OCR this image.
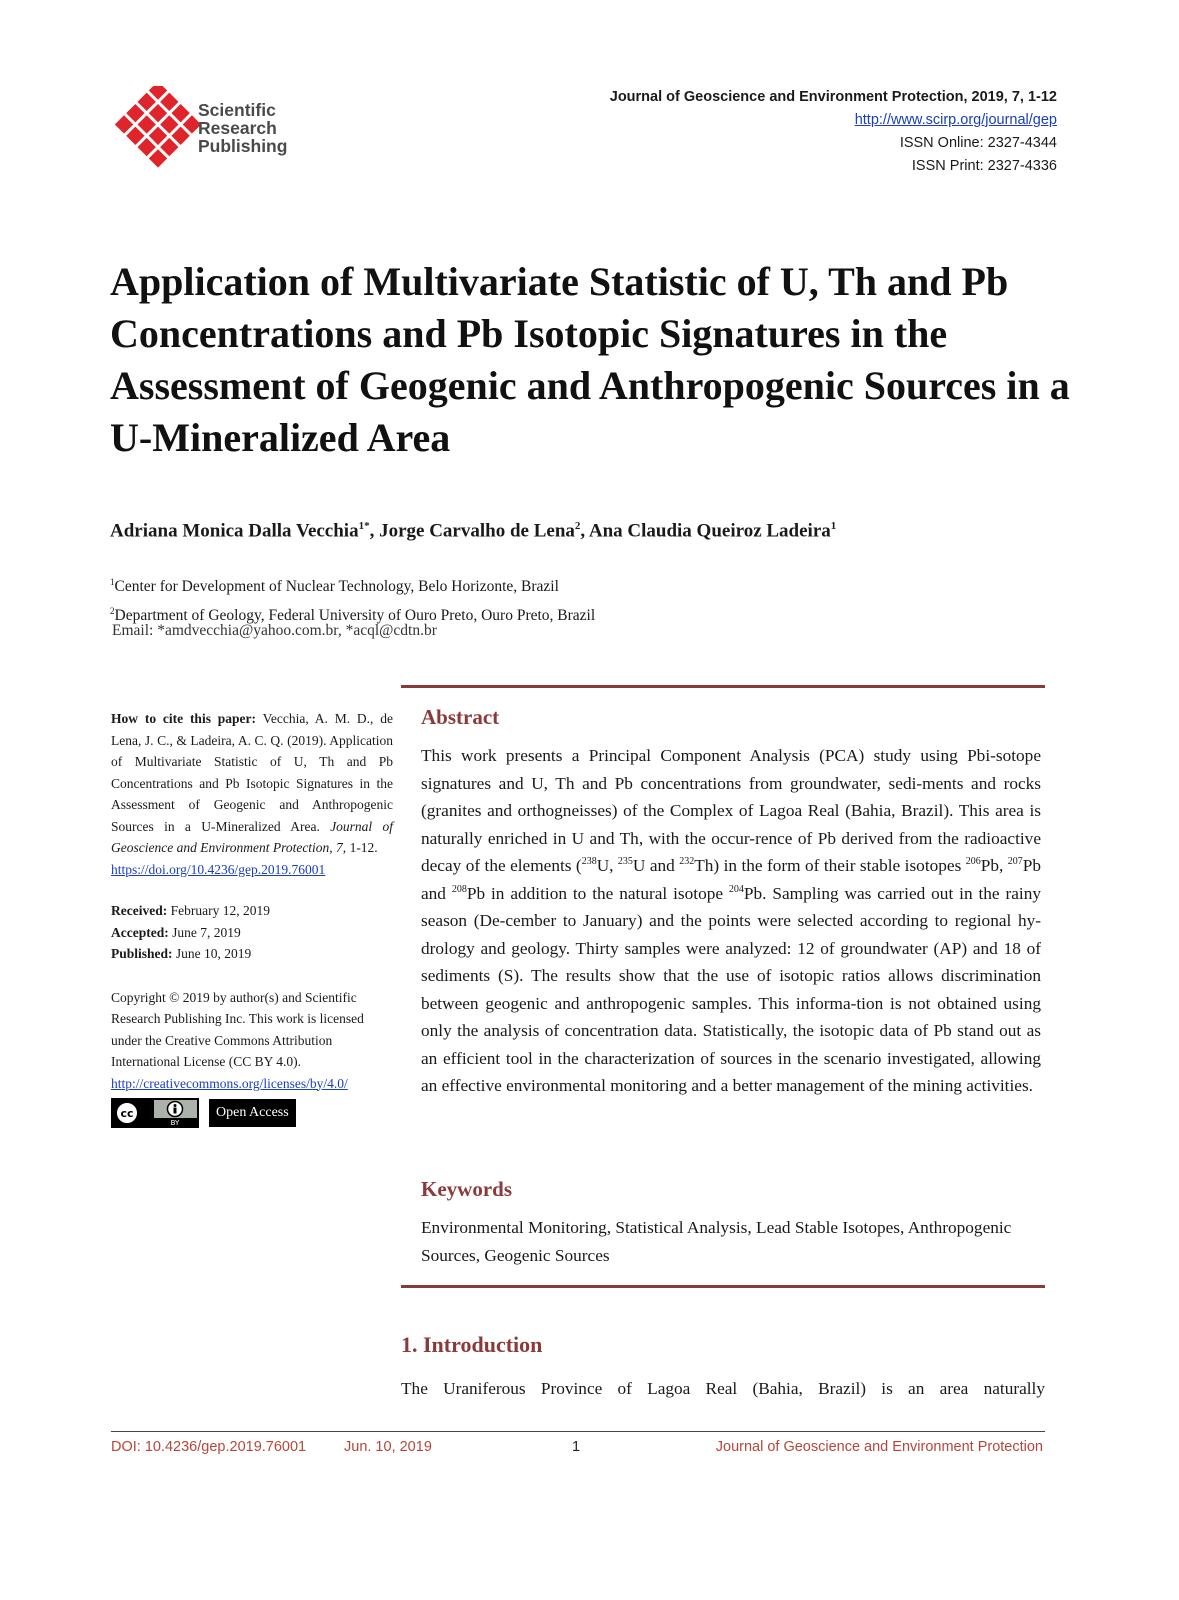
Scientific
Research
Publishing
Journal of Geoscience and Environment Protection, 2019, 7, 1-12
http://www.scirp.org/journal/gep
ISSN Online: 2327-4344
ISSN Print: 2327-4336
Application of Multivariate Statistic of U, Th and Pb Concentrations and Pb Isotopic Signatures in the Assessment of Geogenic and Anthropogenic Sources in a U-Mineralized Area
Adriana Monica Dalla Vecchia$^{1*}$, Jorge Carvalho de Lena$^2$, Ana Claudia Queiroz Ladeira$^1$
$^1$Center for Development of Nuclear Technology, Belo Horizonte, Brazil
$^2$Department of Geology, Federal University of Ouro Preto, Ouro Preto, Brazil
Email: *amdvecchia@yahoo.com.br, *acql@cdtn.br
How to cite this paper: Vecchia, A. M. D., de Lena, J. C., & Ladeira, A. C. Q. (2019). Application of Multivariate Statistic of U, Th and Pb Concentrations and Pb Isotopic Signatures in the Assessment of Geogenic and Anthropogenic Sources in a U-Mineralized Area. Journal of Geoscience and Environment Protection, 7, 1-12.
https://doi.org/10.4236/gep.2019.76001
Received: February 12, 2019
Accepted: June 7, 2019
Published: June 10, 2019
Copyright © 2019 by author(s) and Scientific Research Publishing Inc. This work is licensed under the Creative Commons Attribution International License (CC BY 4.0).
http://creativecommons.org/licenses/by/4.0/
cc
BY
Open Access
Abstract
This work presents a Principal Component Analysis (PCA) study using Pbi-sotope signatures and U, Th and Pb concentrations from groundwater, sedi-ments and rocks (granites and orthogneisses) of the Complex of Lagoa Real (Bahia, Brazil). This area is naturally enriched in U and Th, with the occur-rence of Pb derived from the radioactive decay of the elements ($^{238}$U, $^{235}$U and $^{232}$Th) in the form of their stable isotopes $^{206}$Pb, $^{207}$Pb and $^{208}$Pb in addition to the natural isotope $^{204}$Pb. Sampling was carried out in the rainy season (De-cember to January) and the points were selected according to regional hy-drology and geology. Thirty samples were analyzed: 12 of groundwater (AP) and 18 of sediments (S). The results show that the use of isotopic ratios allows discrimination between geogenic and anthropogenic samples. This informa-tion is not obtained using only the analysis of concentration data. Statistically, the isotopic data of Pb stand out as an efficient tool in the characterization of sources in the scenario investigated, allowing an effective environmental monitoring and a better management of the mining activities.
Keywords
Environmental Monitoring, Statistical Analysis, Lead Stable Isotopes, Anthropogenic Sources, Geogenic Sources
1. Introduction
The Uraniferous Province of Lagoa Real (Bahia, Brazil) is an area naturally
DOI: 10.4236/gep.2019.76001	Jun. 10, 2019	1	Journal of Geoscience and Environment Protection
